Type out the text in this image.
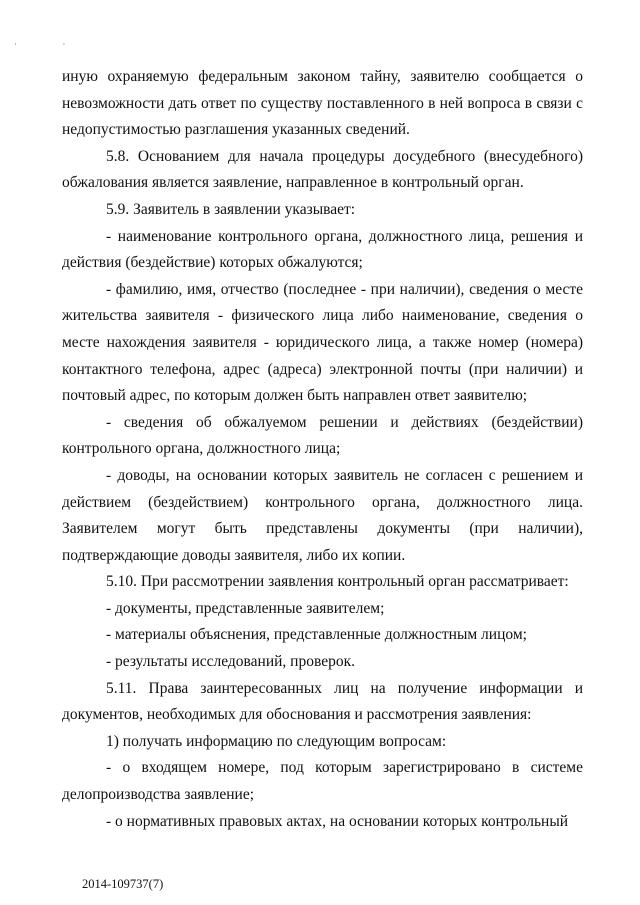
· ·

иную охраняемую федеральным законом тайну, заявителю сообщается о невозможности дать ответ по существу поставленного в ней вопроса в связи с недопустимостью разглашения указанных сведений.

5.8. Основанием для начала процедуры досудебного (внесудебного) обжалования является заявление, направленное в контрольный орган.

5.9. Заявитель в заявлении указывает:

- наименование контрольного органа, должностного лица, решения и действия (бездействие) которых обжалуются;

- фамилию, имя, отчество (последнее - при наличии), сведения о месте жительства заявителя - физического лица либо наименование, сведения о месте нахождения заявителя - юридического лица, а также номер (номера) контактного телефона, адрес (адреса) электронной почты (при наличии) и почтовый адрес, по которым должен быть направлен ответ заявителю;

- сведения об обжалуемом решении и действиях (бездействии) контрольного органа, должностного лица;

- доводы, на основании которых заявитель не согласен с решением и действием (бездействием) контрольного органа, должностного лица. Заявителем могут быть представлены документы (при наличии), подтверждающие доводы заявителя, либо их копии.

5.10. При рассмотрении заявления контрольный орган рассматривает:

- документы, представленные заявителем;

- материалы объяснения, представленные должностным лицом;

- результаты исследований, проверок.

5.11. Права заинтересованных лиц на получение информации и документов, необходимых для обоснования и рассмотрения заявления:

1) получать информацию по следующим вопросам:

- о входящем номере, под которым зарегистрировано в системе делопроизводства заявление;

- о нормативных правовых актах, на основании которых контрольный

2014-109737(7)
